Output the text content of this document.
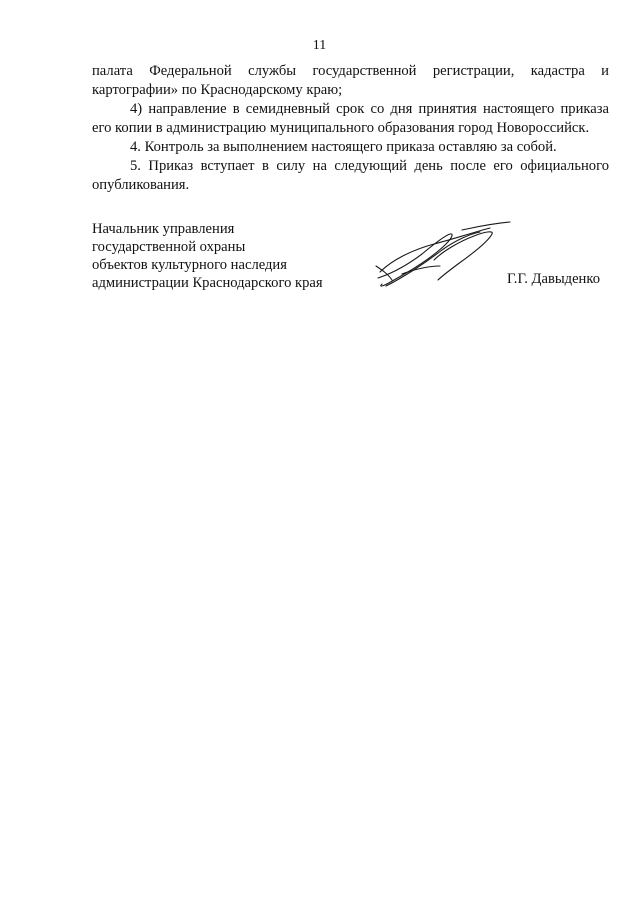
11

палата Федеральной службы государственной регистрации, кадастра и
картографии» по Краснодарскому краю;

4) направление в семидневный срок со дня принятия настоящего приказа
его копии в администрацию муниципального образования город Новороссийск.

4. Контроль за выполнением настоящего приказа оставляю за собой.

5. Приказ вступает в силу на следующий день после его официального
опубликования.

Начальник управления
государственной охраны
объектов культурного наследия
администрации Краснодарского края	Г.Г. Давыденко
